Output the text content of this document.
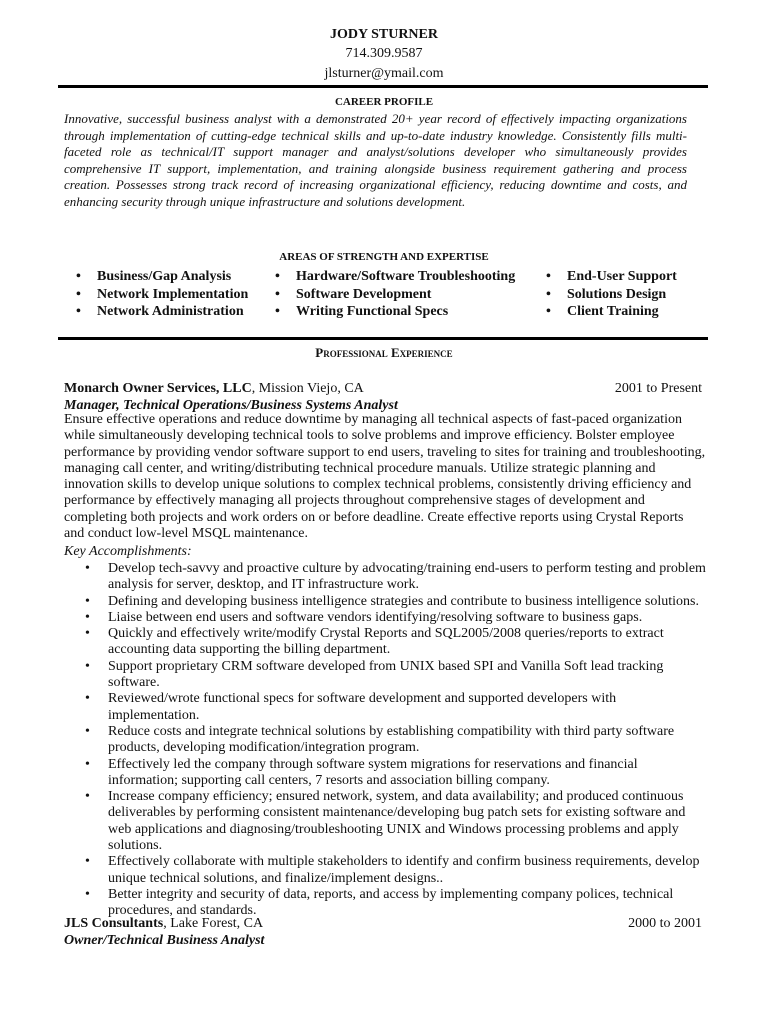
JODY STURNER
714.309.9587
jlsturner@ymail.com
CAREER PROFILE
Innovative, successful business analyst with a demonstrated 20+ year record of effectively impacting organizations through implementation of cutting-edge technical skills and up-to-date industry knowledge. Consistently fills multi-faceted role as technical/IT support manager and analyst/solutions developer who simultaneously provides comprehensive IT support, implementation, and training alongside business requirement gathering and process creation. Possesses strong track record of increasing organizational efficiency, reducing downtime and costs, and enhancing security through unique infrastructure and solutions development.
AREAS OF STRENGTH AND EXPERTISE
• Business/Gap Analysis
• Network Implementation
• Network Administration
• Hardware/Software Troubleshooting
• Software Development
• Writing Functional Specs
• End-User Support
• Solutions Design
• Client Training
Professional Experience
Monarch Owner Services, LLC, Mission Viejo, CA	2001 to Present
Manager, Technical Operations/Business Systems Analyst
Ensure effective operations and reduce downtime by managing all technical aspects of fast-paced organization while simultaneously developing technical tools to solve problems and improve efficiency. Bolster employee performance by providing vendor software support to end users, traveling to sites for training and troubleshooting, managing call center, and writing/distributing technical procedure manuals. Utilize strategic planning and innovation skills to develop unique solutions to complex technical problems, consistently driving efficiency and performance by effectively managing all projects throughout comprehensive stages of development and completing both projects and work orders on or before deadline. Create effective reports using Crystal Reports and conduct low-level MSQL maintenance.
Key Accomplishments:
• Develop tech-savvy and proactive culture by advocating/training end-users to perform testing and problem analysis for server, desktop, and IT infrastructure work.
• Defining and developing business intelligence strategies and contribute to business intelligence solutions.
• Liaise between end users and software vendors identifying/resolving software to business gaps.
• Quickly and effectively write/modify Crystal Reports and SQL2005/2008 queries/reports to extract accounting data supporting the billing department.
• Support proprietary CRM software developed from UNIX based SPI and Vanilla Soft lead tracking software.
• Reviewed/wrote functional specs for software development and supported developers with implementation.
• Reduce costs and integrate technical solutions by establishing compatibility with third party software products, developing modification/integration program.
• Effectively led the company through software system migrations for reservations and financial information; supporting call centers, 7 resorts and association billing company.
• Increase company efficiency; ensured network, system, and data availability; and produced continuous deliverables by performing consistent maintenance/developing bug patch sets for existing software and web applications and diagnosing/troubleshooting UNIX and Windows processing problems and apply solutions.
• Effectively collaborate with multiple stakeholders to identify and confirm business requirements, develop unique technical solutions, and finalize/implement designs..
• Better integrity and security of data, reports, and access by implementing company polices, technical procedures, and standards.
JLS Consultants, Lake Forest, CA	2000 to 2001
Owner/Technical Business Analyst
